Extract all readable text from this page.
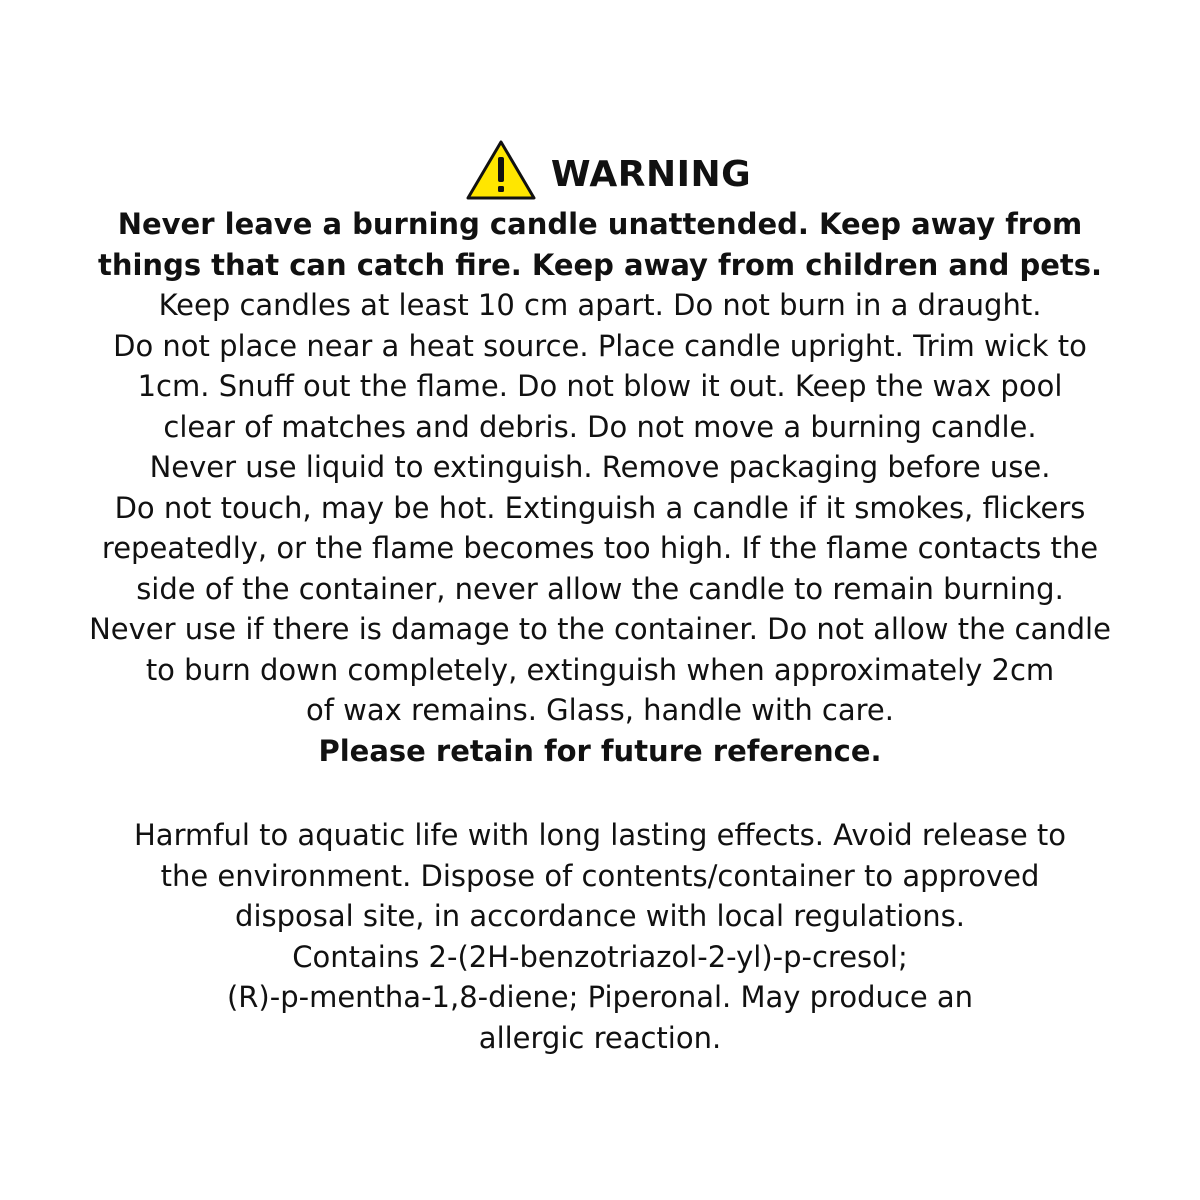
WARNING
Never leave a burning candle unattended. Keep away from
things that can catch fire. Keep away from children and pets.
Keep candles at least 10 cm apart. Do not burn in a draught.
Do not place near a heat source. Place candle upright. Trim wick to
1cm. Snuff out the flame. Do not blow it out. Keep the wax pool
clear of matches and debris. Do not move a burning candle.
Never use liquid to extinguish. Remove packaging before use.
Do not touch, may be hot. Extinguish a candle if it smokes, flickers
repeatedly, or the flame becomes too high. If the flame contacts the
side of the container, never allow the candle to remain burning.
Never use if there is damage to the container. Do not allow the candle
to burn down completely, extinguish when approximately 2cm
of wax remains. Glass, handle with care.
Please retain for future reference.
Harmful to aquatic life with long lasting effects. Avoid release to
the environment. Dispose of contents/container to approved
disposal site, in accordance with local regulations.
Contains 2-(2H-benzotriazol-2-yl)-p-cresol;
(R)-p-mentha-1,8-diene; Piperonal. May produce an
allergic reaction.
